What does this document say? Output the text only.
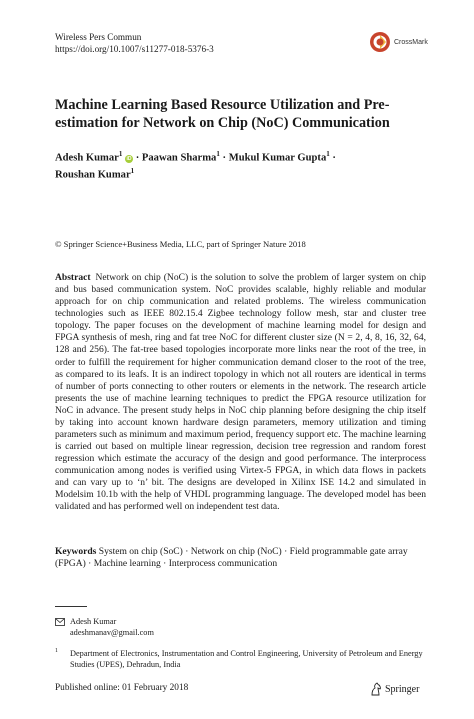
Wireless Pers Commun
https://doi.org/10.1007/s11277-018-5376-3
CrossMark
Machine Learning Based Resource Utilization and Pre-estimation for Network on Chip (NoC) Communication
Adesh Kumar$^1$ iD · Paawan Sharma$^1$ · Mukul Kumar Gupta$^1$ ·
Roushan Kumar$^1$
© Springer Science+Business Media, LLC, part of Springer Nature 2018
Abstract Network on chip (NoC) is the solution to solve the problem of larger system on chip and bus based communication system. NoC provides scalable, highly reliable and modular approach for on chip communication and related problems. The wireless communication technologies such as IEEE 802.15.4 Zigbee technology follow mesh, star and cluster tree topology. The paper focuses on the development of machine learning model for design and FPGA synthesis of mesh, ring and fat tree NoC for different cluster size (N = 2, 4, 8, 16, 32, 64, 128 and 256). The fat-tree based topologies incorporate more links near the root of the tree, in order to fulfill the requirement for higher communication demand closer to the root of the tree, as compared to its leafs. It is an indirect topology in which not all routers are identical in terms of number of ports connecting to other routers or elements in the network. The research article presents the use of machine learning techniques to predict the FPGA resource utilization for NoC in advance. The present study helps in NoC chip planning before designing the chip itself by taking into account known hardware design parameters, memory utilization and timing parameters such as minimum and maximum period, frequency support etc. The machine learning is carried out based on multiple linear regression, decision tree regression and random forest regression which estimate the accuracy of the design and good performance. The interprocess communication among nodes is verified using Virtex-5 FPGA, in which data flows in packets and can vary up to ‘n’ bit. The designs are developed in Xilinx ISE 14.2 and simulated in Modelsim 10.1b with the help of VHDL programming language. The developed model has been validated and has performed well on independent test data.
Keywords System on chip (SoC) · Network on chip (NoC) · Field programmable gate array (FPGA) · Machine learning · Interprocess communication
Adesh Kumar
adeshmanav@gmail.com
1 Department of Electronics, Instrumentation and Control Engineering, University of Petroleum and Energy Studies (UPES), Dehradun, India
Published online: 01 February 2018	Springer
